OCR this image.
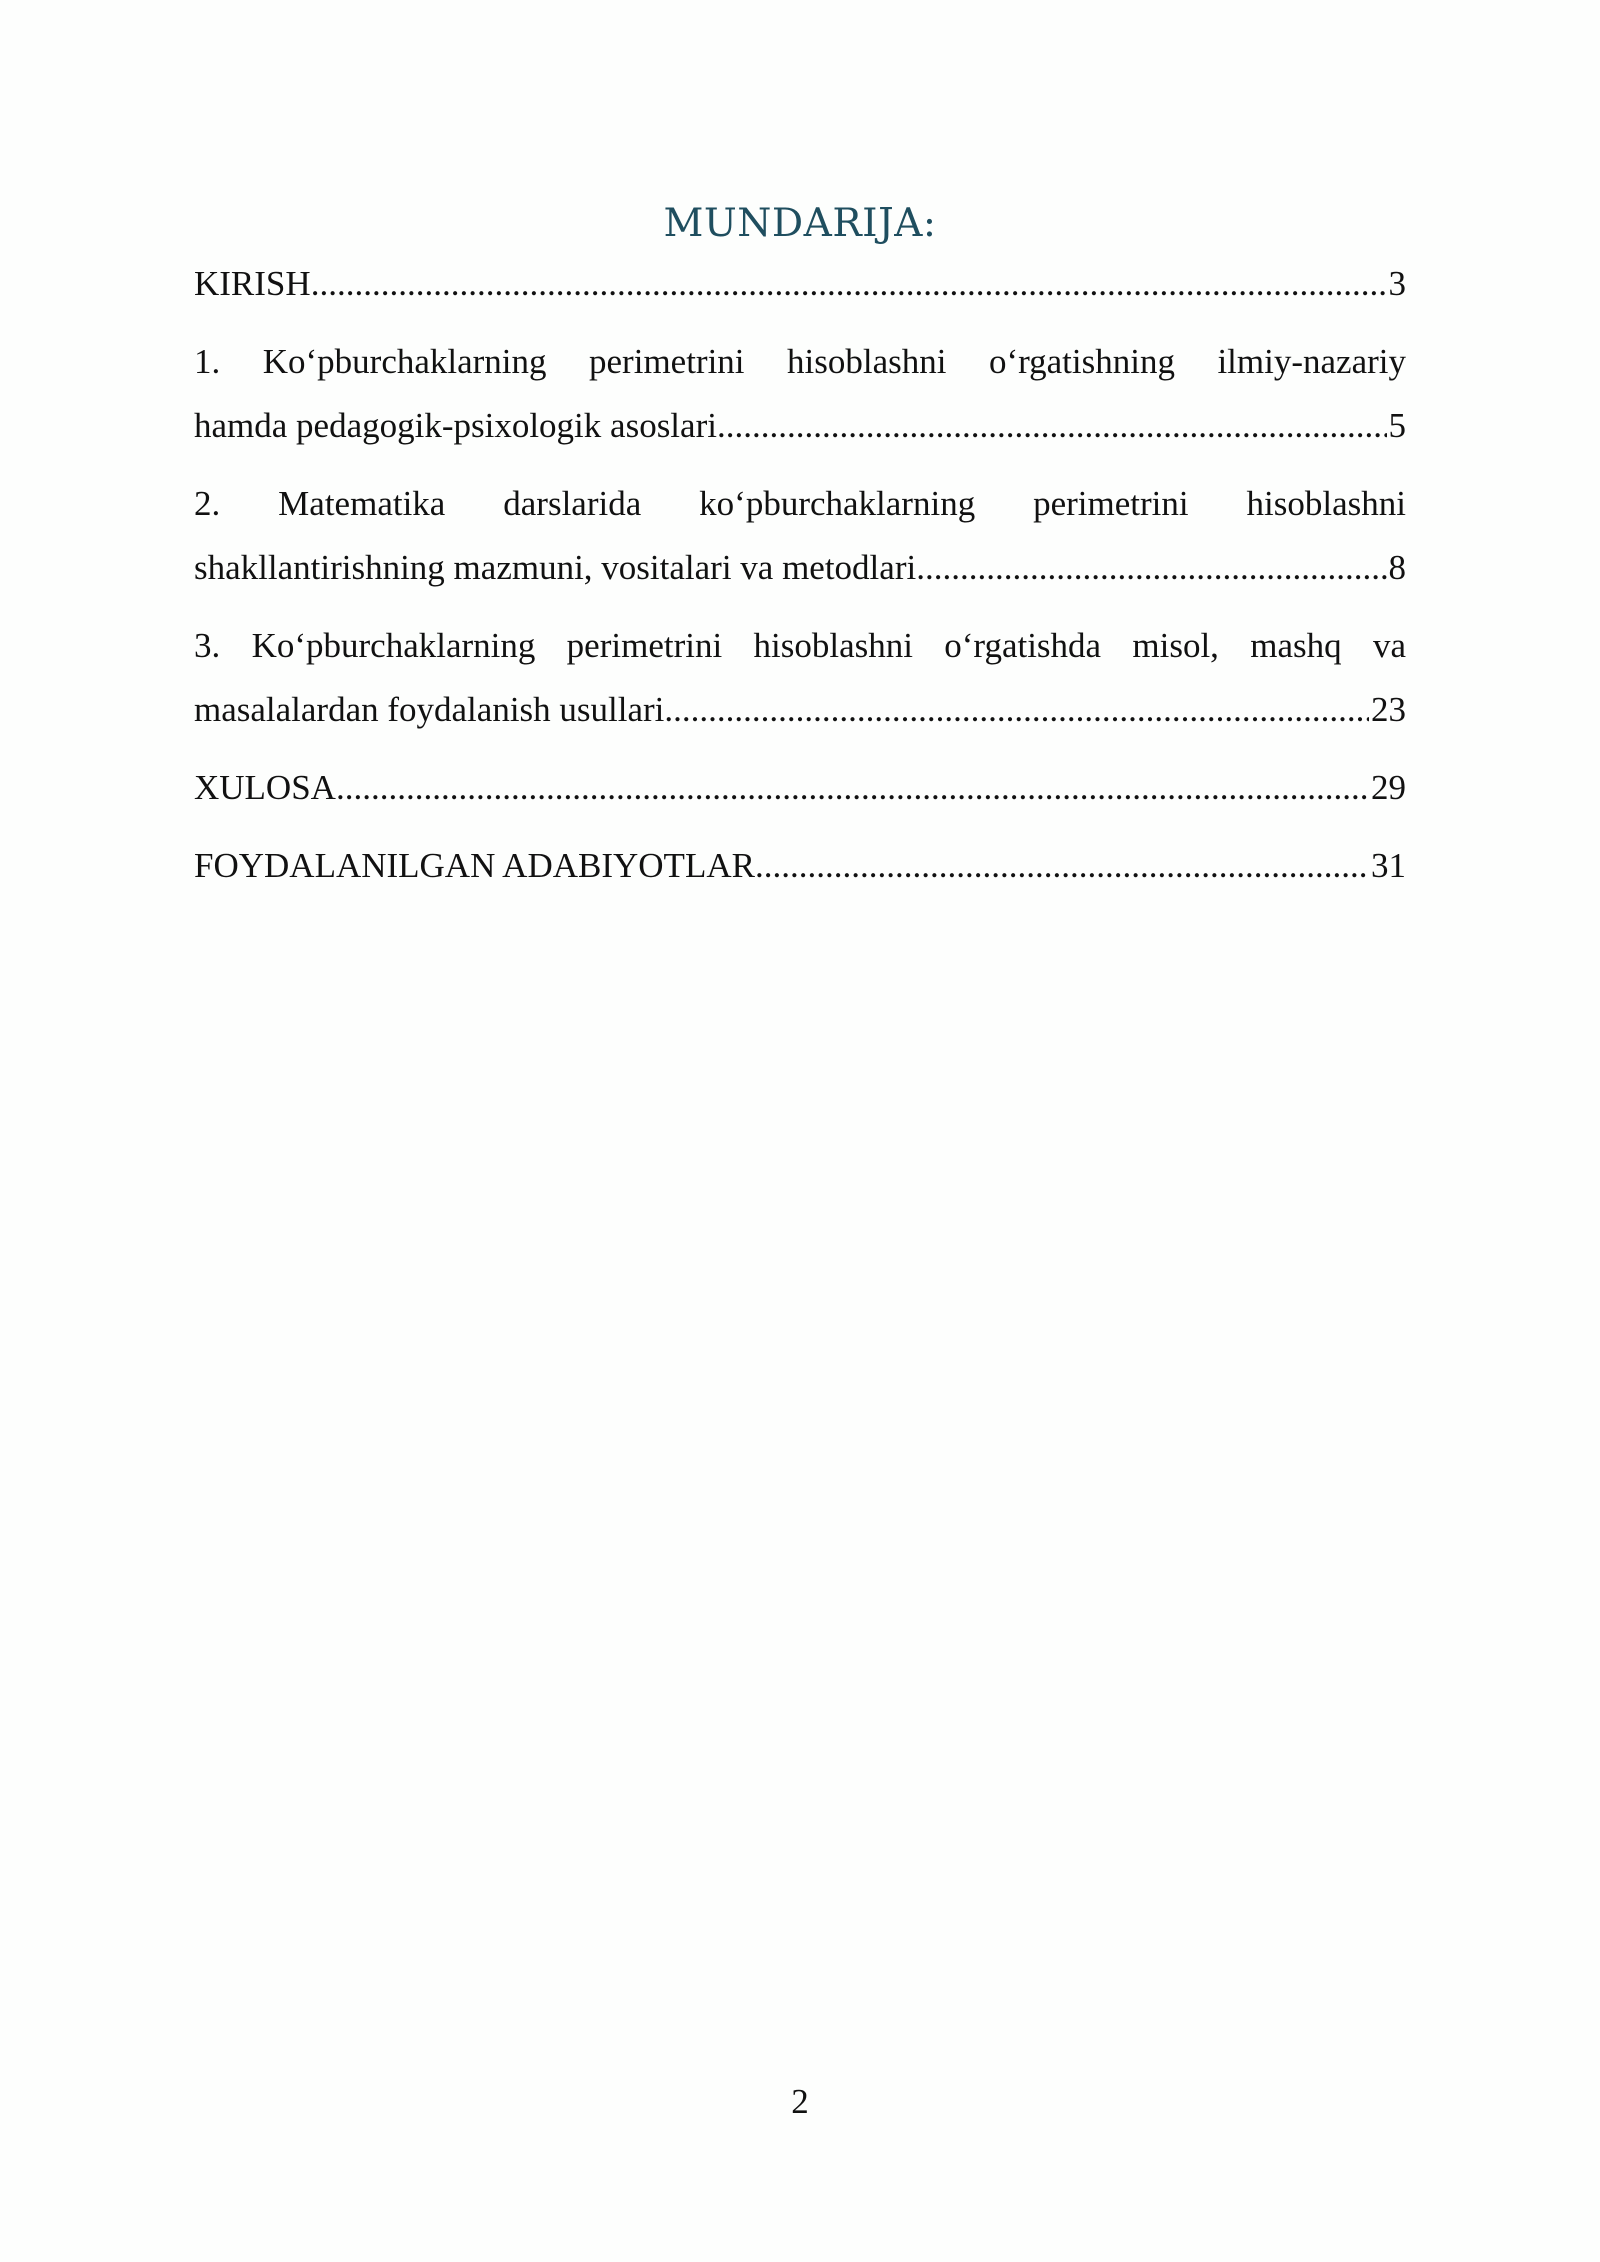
MUNDARIJA:
KIRISH .....	3
1. Ko‘pburchaklarning perimetrini hisoblashni o‘rgatishning ilmiy-nazariy
hamda pedagogik-psixologik asoslari .....	5
2. Matematika darslarida ko‘pburchaklarning perimetrini hisoblashni
shakllantirishning mazmuni, vositalari va metodlari .....	8
3. Ko‘pburchaklarning perimetrini hisoblashni o‘rgatishda misol, mashq va
masalalardan foydalanish usullari .....	23
XULOSA .....	29
FOYDALANILGAN ADABIYOTLAR .....	31
2
